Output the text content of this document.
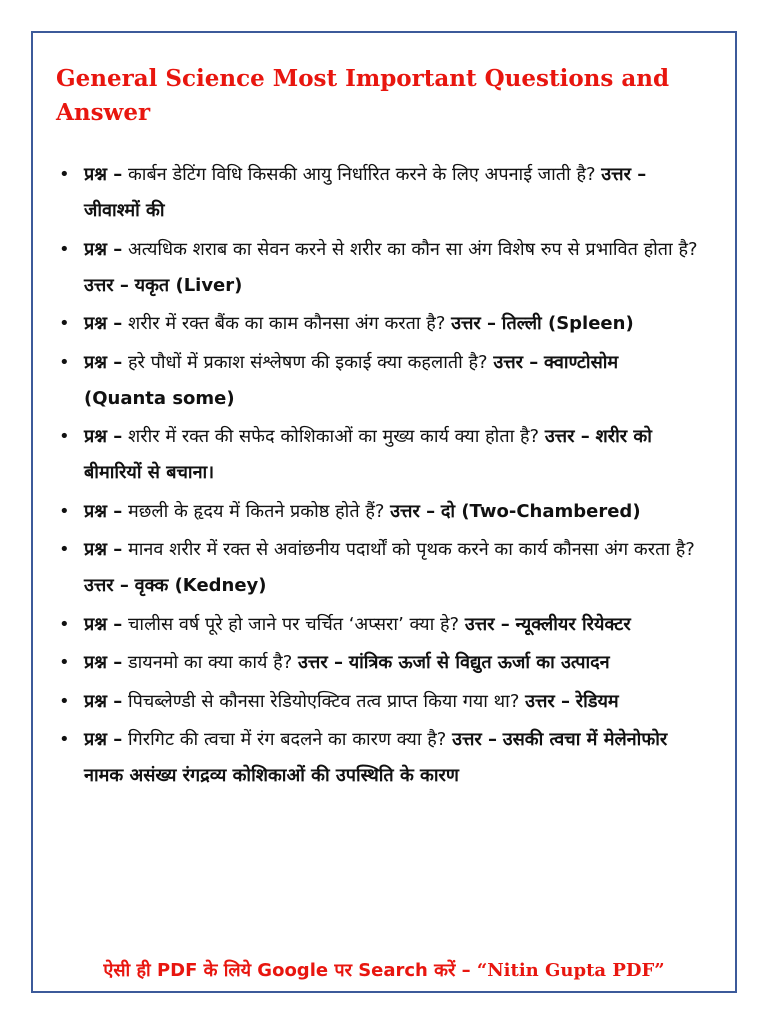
General Science Most Important Questions and Answer
• प्रश्न – कार्बन डेटिंग विधि किसकी आयु निर्धारित करने के लिए अपनाई जाती है? उत्तर – जीवाश्मों की
• प्रश्न – अत्यधिक शराब का सेवन करने से शरीर का कौन सा अंग विशेष रुप से प्रभावित होता है? उत्तर – यकृत (Liver)
• प्रश्न – शरीर में रक्त बैंक का काम कौनसा अंग करता है? उत्तर – तिल्ली (Spleen)
• प्रश्न – हरे पौधों में प्रकाश संश्लेषण की इकाई क्या कहलाती है? उत्तर – क्वाण्टोसोम (Quanta some)
• प्रश्न – शरीर में रक्त की सफेद कोशिकाओं का मुख्य कार्य क्या होता है? उत्तर – शरीर को बीमारियों से बचाना।
• प्रश्न – मछली के हृदय में कितने प्रकोष्ठ होते हैं? उत्तर – दो (Two-Chambered)
• प्रश्न – मानव शरीर में रक्त से अवांछनीय पदार्थों को पृथक करने का कार्य कौनसा अंग करता है? उत्तर – वृक्क (Kedney)
• प्रश्न – चालीस वर्ष पूरे हो जाने पर चर्चित ‘अप्सरा’ क्या हे? उत्तर – न्यूक्लीयर रियेक्टर
• प्रश्न – डायनमो का क्या कार्य है? उत्तर – यांत्रिक ऊर्जा से विद्युत ऊर्जा का उत्पादन
• प्रश्न – पिचब्लेण्डी से कौनसा रेडियोएक्टिव तत्व प्राप्त किया गया था? उत्तर – रेडियम
• प्रश्न – गिरगिट की त्वचा में रंग बदलने का कारण क्या है? उत्तर – उसकी त्वचा में मेलेनोफोर नामक असंख्य रंगद्रव्य कोशिकाओं की उपस्थिति के कारण

ऐसी ही PDF के लिये Google पर Search करें – “Nitin Gupta PDF”
